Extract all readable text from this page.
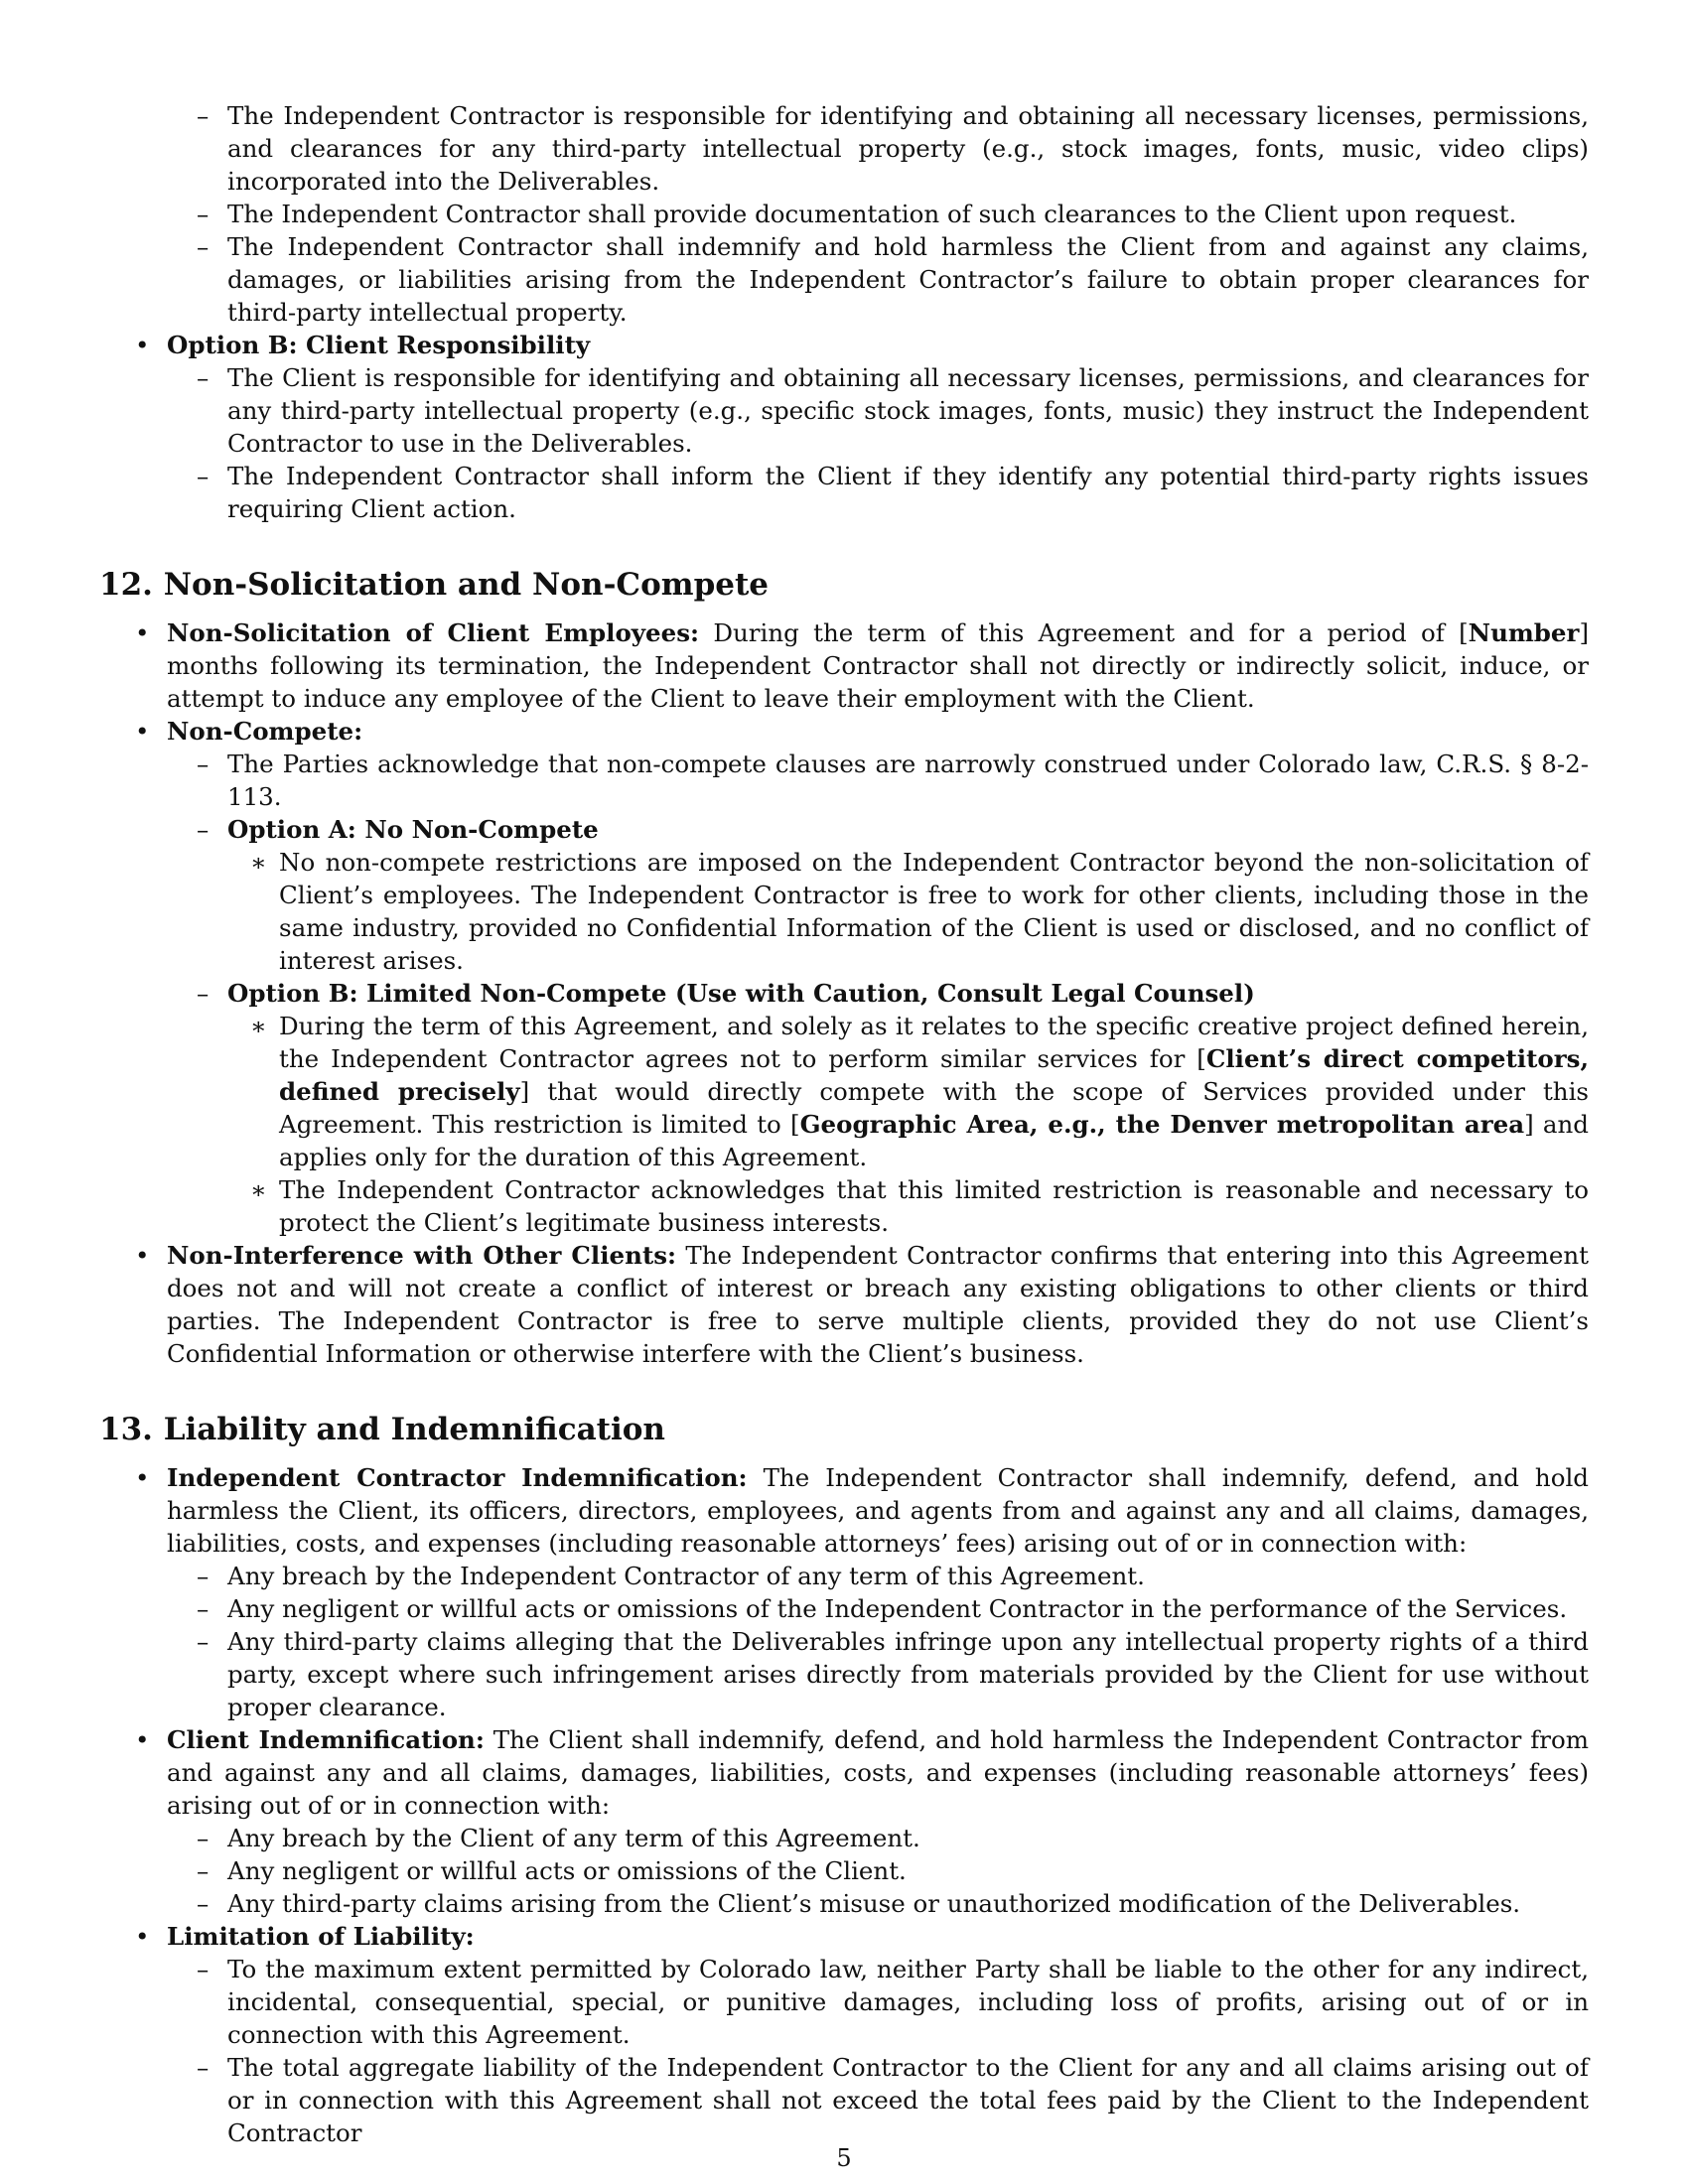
– The Independent Contractor is responsible for identifying and obtaining all necessary licenses, permissions, and clearances for any third-party intellectual property (e.g., stock images, fonts, music, video clips) incorporated into the Deliverables.

– The Independent Contractor shall provide documentation of such clearances to the Client upon request.

– The Independent Contractor shall indemnify and hold harmless the Client from and against any claims, damages, or liabilities arising from the Independent Contractor’s failure to obtain proper clearances for third-party intellectual property.

• Option B: Client Responsibility

– The Client is responsible for identifying and obtaining all necessary licenses, permissions, and clearances for any third-party intellectual property (e.g., specific stock images, fonts, music) they instruct the Independent Contractor to use in the Deliverables.

– The Independent Contractor shall inform the Client if they identify any potential third-party rights issues requiring Client action.

12. Non-Solicitation and Non-Compete

• Non-Solicitation of Client Employees: During the term of this Agreement and for a period of [Number] months following its termination, the Independent Contractor shall not directly or indirectly solicit, induce, or attempt to induce any employee of the Client to leave their employment with the Client.

• Non-Compete:

– The Parties acknowledge that non-compete clauses are narrowly construed under Colorado law, C.R.S. § 8-2-113.

– Option A: No Non-Compete

∗ No non-compete restrictions are imposed on the Independent Contractor beyond the non-solicitation of Client’s employees. The Independent Contractor is free to work for other clients, including those in the same industry, provided no Confidential Information of the Client is used or disclosed, and no conflict of interest arises.

– Option B: Limited Non-Compete (Use with Caution, Consult Legal Counsel)

∗ During the term of this Agreement, and solely as it relates to the specific creative project defined herein, the Independent Contractor agrees not to perform similar services for [Client’s direct competitors, defined precisely] that would directly compete with the scope of Services provided under this Agreement. This restriction is limited to [Geographic Area, e.g., the Denver metropolitan area] and applies only for the duration of this Agreement.

∗ The Independent Contractor acknowledges that this limited restriction is reasonable and necessary to protect the Client’s legitimate business interests.

• Non-Interference with Other Clients: The Independent Contractor confirms that entering into this Agreement does not and will not create a conflict of interest or breach any existing obligations to other clients or third parties. The Independent Contractor is free to serve multiple clients, provided they do not use Client’s Confidential Information or otherwise interfere with the Client’s business.

13. Liability and Indemnification

• Independent Contractor Indemnification: The Independent Contractor shall indemnify, defend, and hold harmless the Client, its officers, directors, employees, and agents from and against any and all claims, damages, liabilities, costs, and expenses (including reasonable attorneys’ fees) arising out of or in connection with:

– Any breach by the Independent Contractor of any term of this Agreement.

– Any negligent or willful acts or omissions of the Independent Contractor in the performance of the Services.

– Any third-party claims alleging that the Deliverables infringe upon any intellectual property rights of a third party, except where such infringement arises directly from materials provided by the Client for use without proper clearance.

• Client Indemnification: The Client shall indemnify, defend, and hold harmless the Independent Contractor from and against any and all claims, damages, liabilities, costs, and expenses (including reasonable attorneys’ fees) arising out of or in connection with:

– Any breach by the Client of any term of this Agreement.

– Any negligent or willful acts or omissions of the Client.

– Any third-party claims arising from the Client’s misuse or unauthorized modification of the Deliverables.

• Limitation of Liability:

– To the maximum extent permitted by Colorado law, neither Party shall be liable to the other for any indirect, incidental, consequential, special, or punitive damages, including loss of profits, arising out of or in connection with this Agreement.

– The total aggregate liability of the Independent Contractor to the Client for any and all claims arising out of or in connection with this Agreement shall not exceed the total fees paid by the Client to the Independent Contractor

5
